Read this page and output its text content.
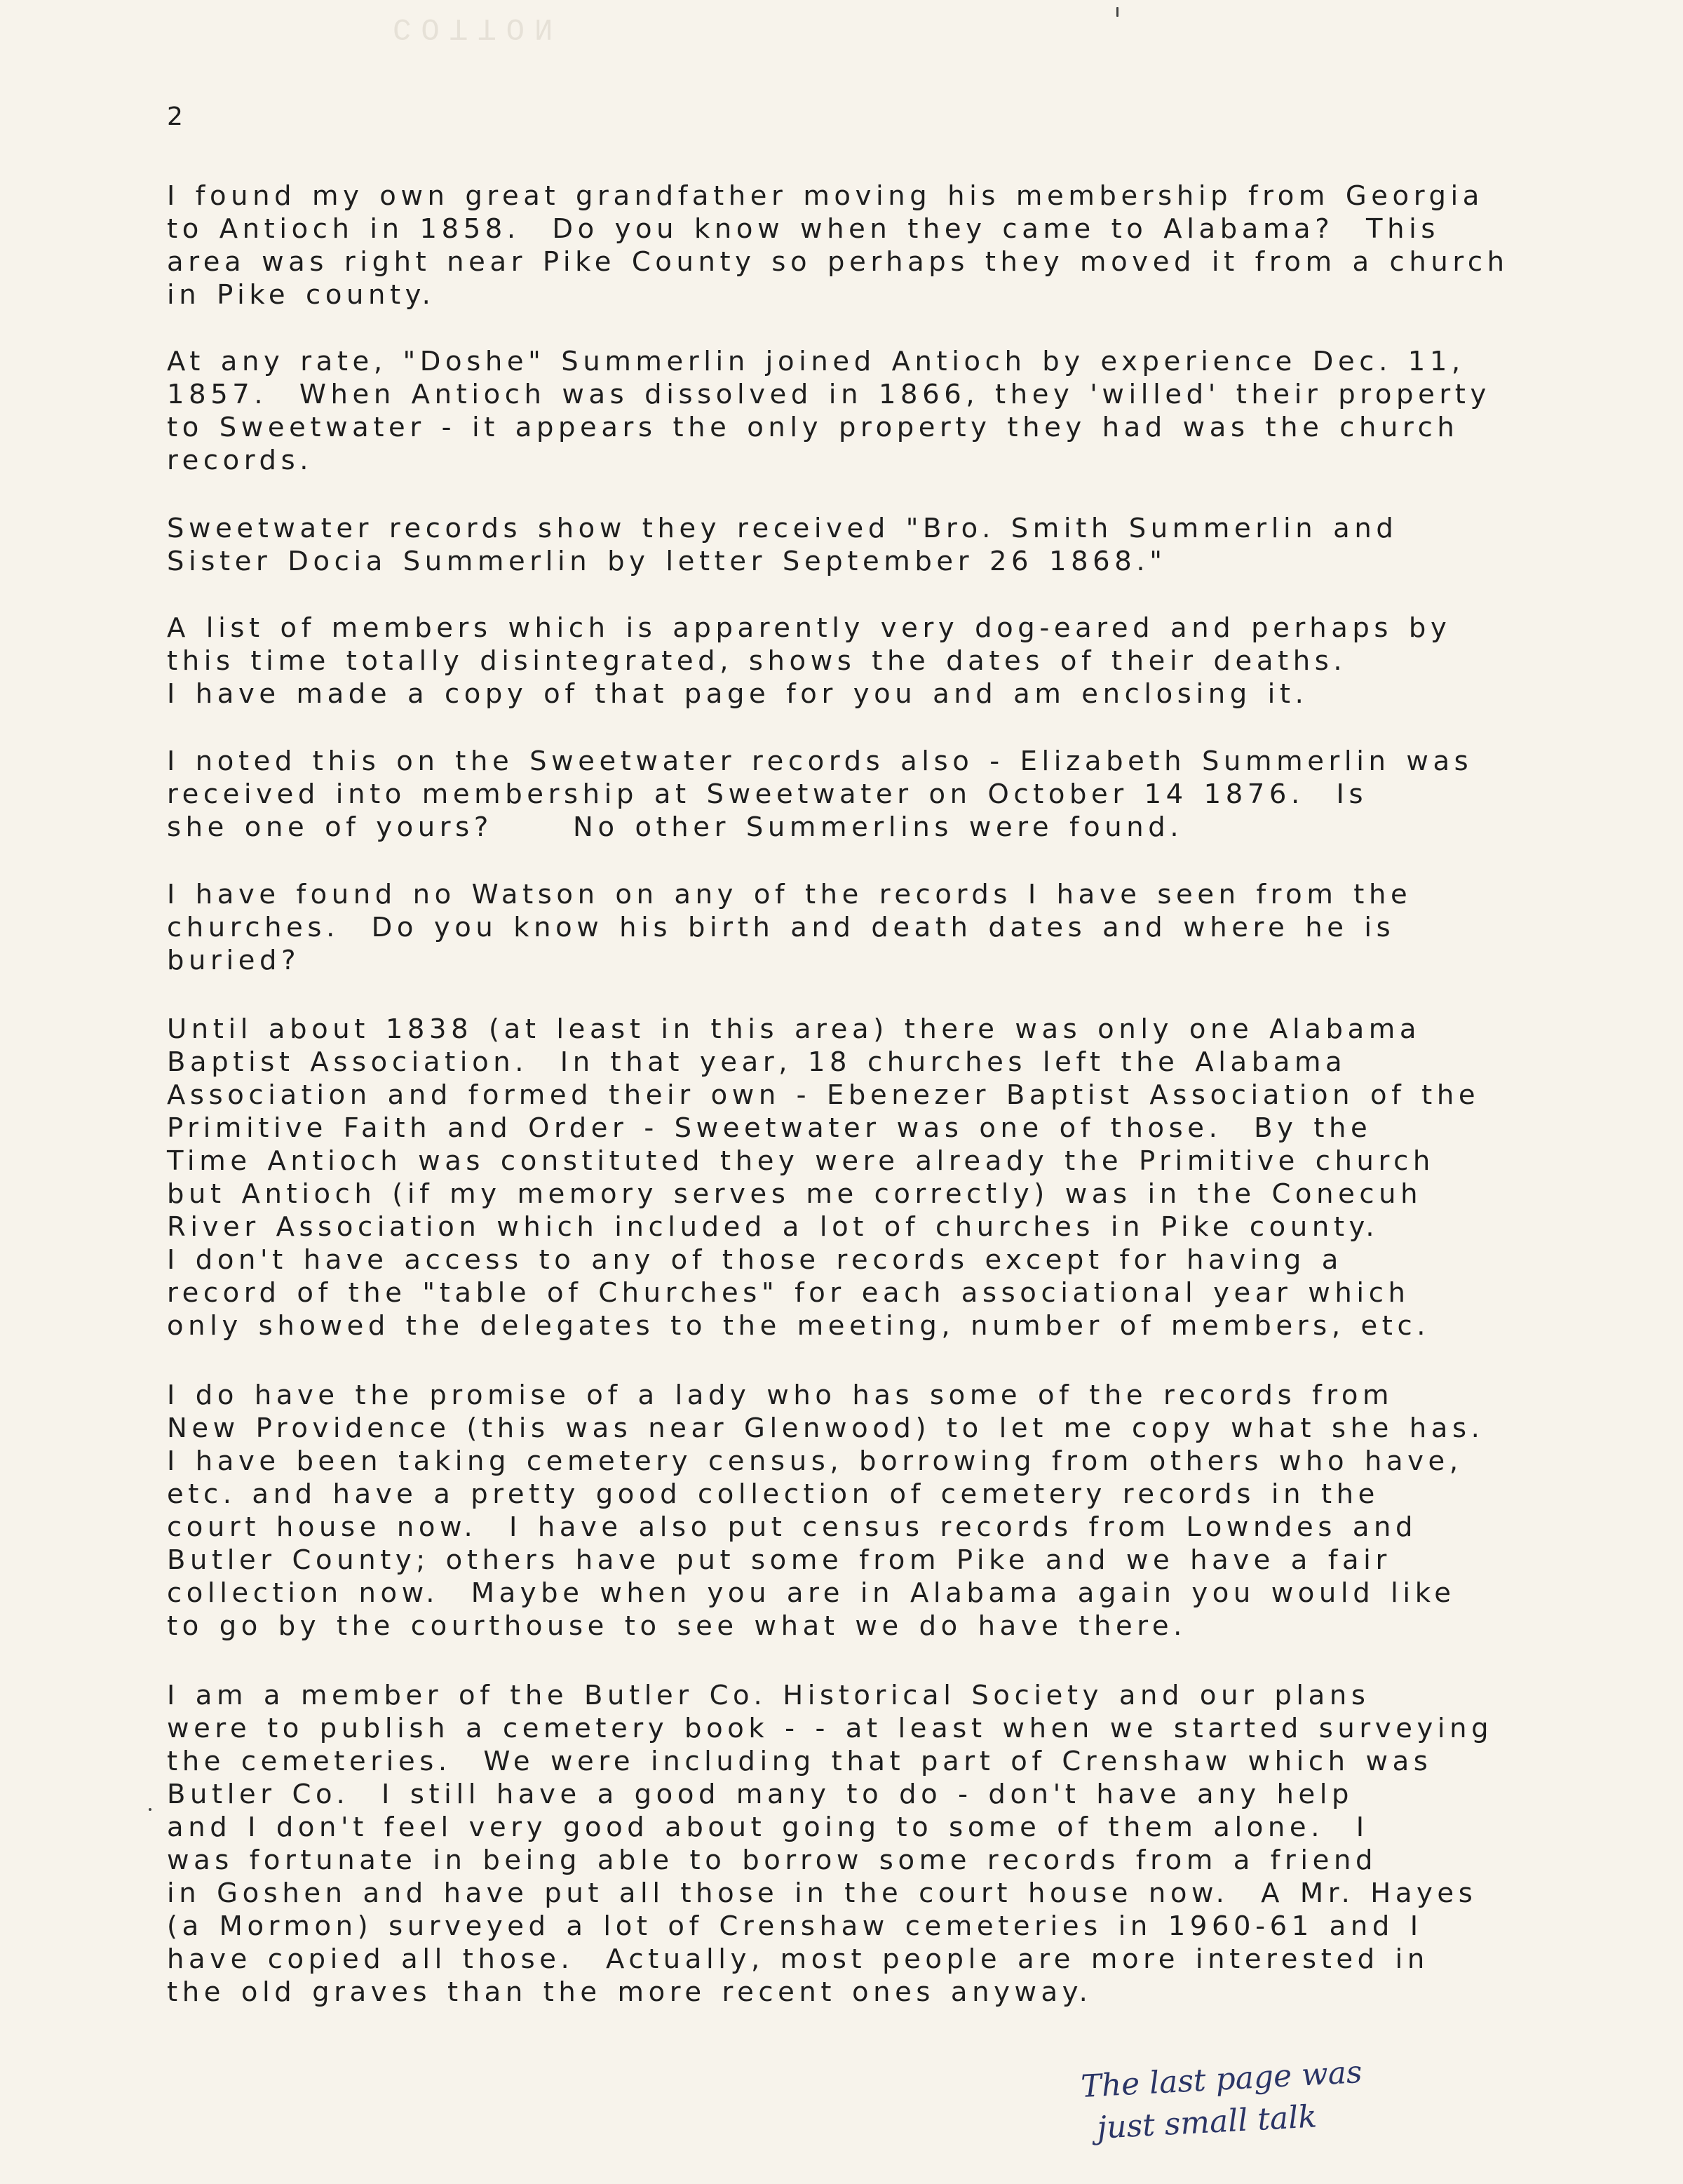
COTTON
2
I found my own great grandfather moving his membership from Georgia
to Antioch in 1858.  Do you know when they came to Alabama?  This
area was right near Pike County so perhaps they moved it from a church
in Pike county.
At any rate, "Doshe" Summerlin joined Antioch by experience Dec. 11,
1857.  When Antioch was dissolved in 1866, they 'willed' their property
to Sweetwater - it appears the only property they had was the church
records.
Sweetwater records show they received "Bro. Smith Summerlin and
Sister Docia Summerlin by letter September 26 1868."
A list of members which is apparently very dog-eared and perhaps by
this time totally disintegrated, shows the dates of their deaths.
I have made a copy of that page for you and am enclosing it.
I noted this on the Sweetwater records also - Elizabeth Summerlin was
received into membership at Sweetwater on October 14 1876.  Is
she one of yours?     No other Summerlins were found.
I have found no Watson on any of the records I have seen from the
churches.  Do you know his birth and death dates and where he is
buried?
Until about 1838 (at least in this area) there was only one Alabama
Baptist Association.  In that year, 18 churches left the Alabama
Association and formed their own - Ebenezer Baptist Association of the
Primitive Faith and Order - Sweetwater was one of those.  By the
Time Antioch was constituted they were already the Primitive church
but Antioch (if my memory serves me correctly) was in the Conecuh
River Association which included a lot of churches in Pike county.
I don't have access to any of those records except for having a
record of the "table of Churches" for each associational year which
only showed the delegates to the meeting, number of members, etc.
I do have the promise of a lady who has some of the records from
New Providence (this was near Glenwood) to let me copy what she has.
I have been taking cemetery census, borrowing from others who have,
etc. and have a pretty good collection of cemetery records in the
court house now.  I have also put census records from Lowndes and
Butler County; others have put some from Pike and we have a fair
collection now.  Maybe when you are in Alabama again you would like
to go by the courthouse to see what we do have there.
I am a member of the Butler Co. Historical Society and our plans
were to publish a cemetery book - - at least when we started surveying
the cemeteries.  We were including that part of Crenshaw which was
Butler Co.  I still have a good many to do - don't have any help
and I don't feel very good about going to some of them alone.  I
was fortunate in being able to borrow some records from a friend
in Goshen and have put all those in the court house now.  A Mr. Hayes
(a Mormon) surveyed a lot of Crenshaw cemeteries in 1960-61 and I
have copied all those.  Actually, most people are more interested in
the old graves than the more recent ones anyway.
The last page was
just small talk
